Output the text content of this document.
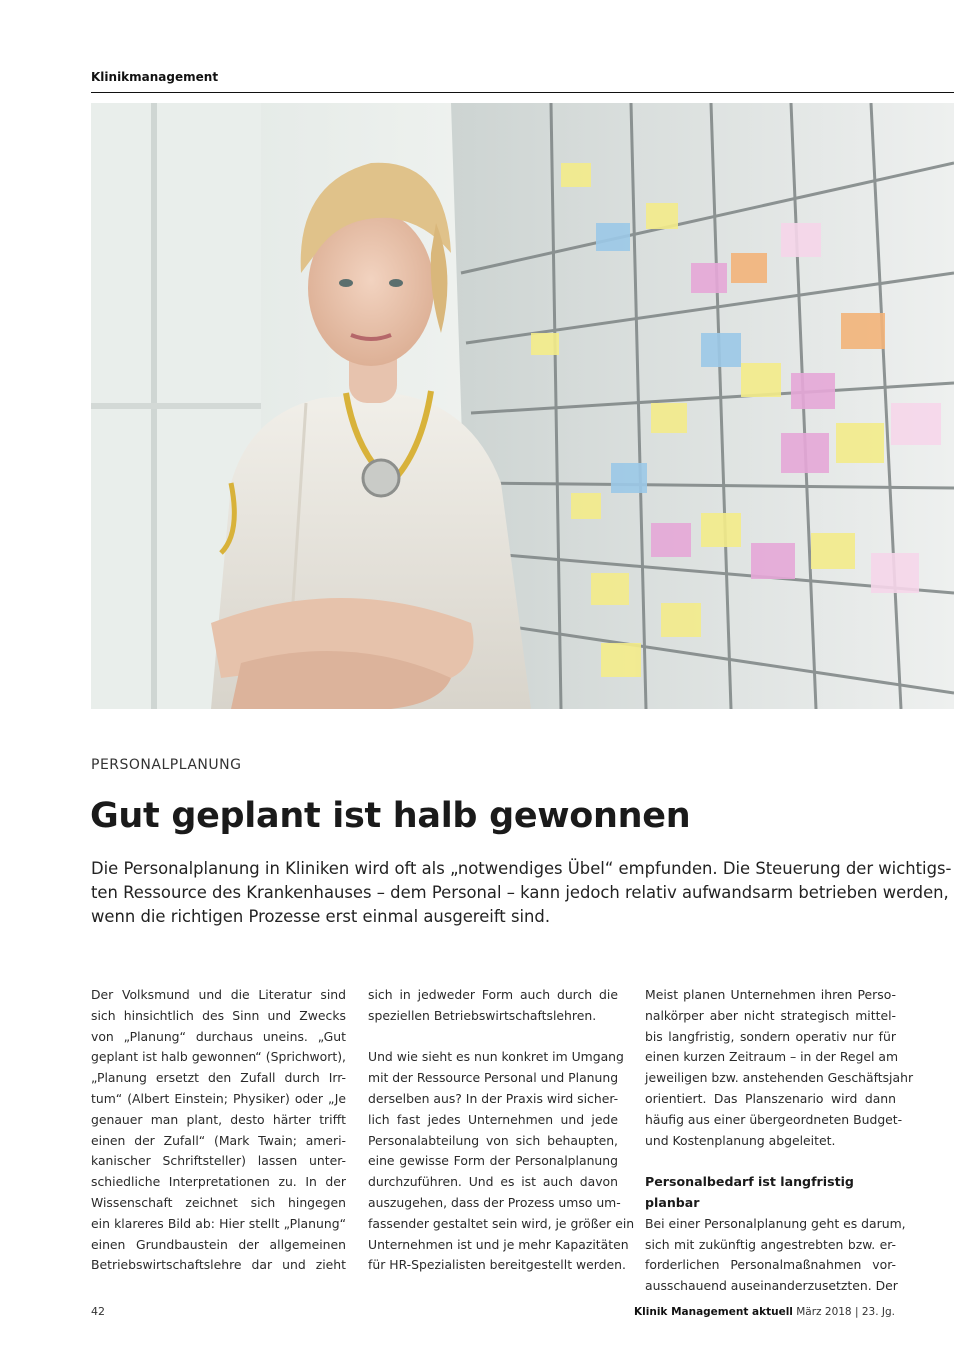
Klinikmanagement
PERSONALPLANUNG
Gut geplant ist halb gewonnen
Die Personalplanung in Kliniken wird oft als „notwendiges Übel“ empfunden. Die Steuerung der wichtigs-
ten Ressource des Krankenhauses – dem Personal – kann jedoch relativ aufwandsarm betrieben werden,
wenn die richtigen Prozesse erst einmal ausgereift sind.
Der Volksmund und die Literatur sind
sich hinsichtlich des Sinn und Zwecks
von „Planung“ durchaus uneins. „Gut
geplant ist halb gewonnen“ (Sprichwort),
„Planung ersetzt den Zufall durch Irr-
tum“ (Albert Einstein; Physiker) oder „Je
genauer man plant, desto härter trifft
einen der Zufall“ (Mark Twain; ameri-
kanischer Schriftsteller) lassen unter-
schiedliche Interpretationen zu. In der
Wissenschaft zeichnet sich hingegen
ein klareres Bild ab: Hier stellt „Planung“
einen Grundbaustein der allgemeinen
Betriebswirtschaftslehre dar und zieht
sich in jedweder Form auch durch die
speziellen Betriebswirtschaftslehren.
Und wie sieht es nun konkret im Umgang
mit der Ressource Personal und Planung
derselben aus? In der Praxis wird sicher-
lich fast jedes Unternehmen und jede
Personalabteilung von sich behaupten,
eine gewisse Form der Personalplanung
durchzuführen. Und es ist auch davon
auszugehen, dass der Prozess umso um-
fassender gestaltet sein wird, je größer ein
Unternehmen ist und je mehr Kapazitäten
für HR-Spezialisten bereitgestellt werden.
Meist planen Unternehmen ihren Perso-
nalkörper aber nicht strategisch mittel-
bis langfristig, sondern operativ nur für
einen kurzen Zeitraum – in der Regel am
jeweiligen bzw. anstehenden Geschäftsjahr
orientiert. Das Planszenario wird dann
häufig aus einer übergeordneten Budget-
und Kostenplanung abgeleitet.
Personalbedarf ist langfristig planbar
Bei einer Personalplanung geht es darum,
sich mit zukünftig angestrebten bzw. er-
forderlichen Personalmaßnahmen vor-
ausschauend auseinanderzusetzten. Der
42	Klinik Management aktuell März 2018 | 23. Jg.
